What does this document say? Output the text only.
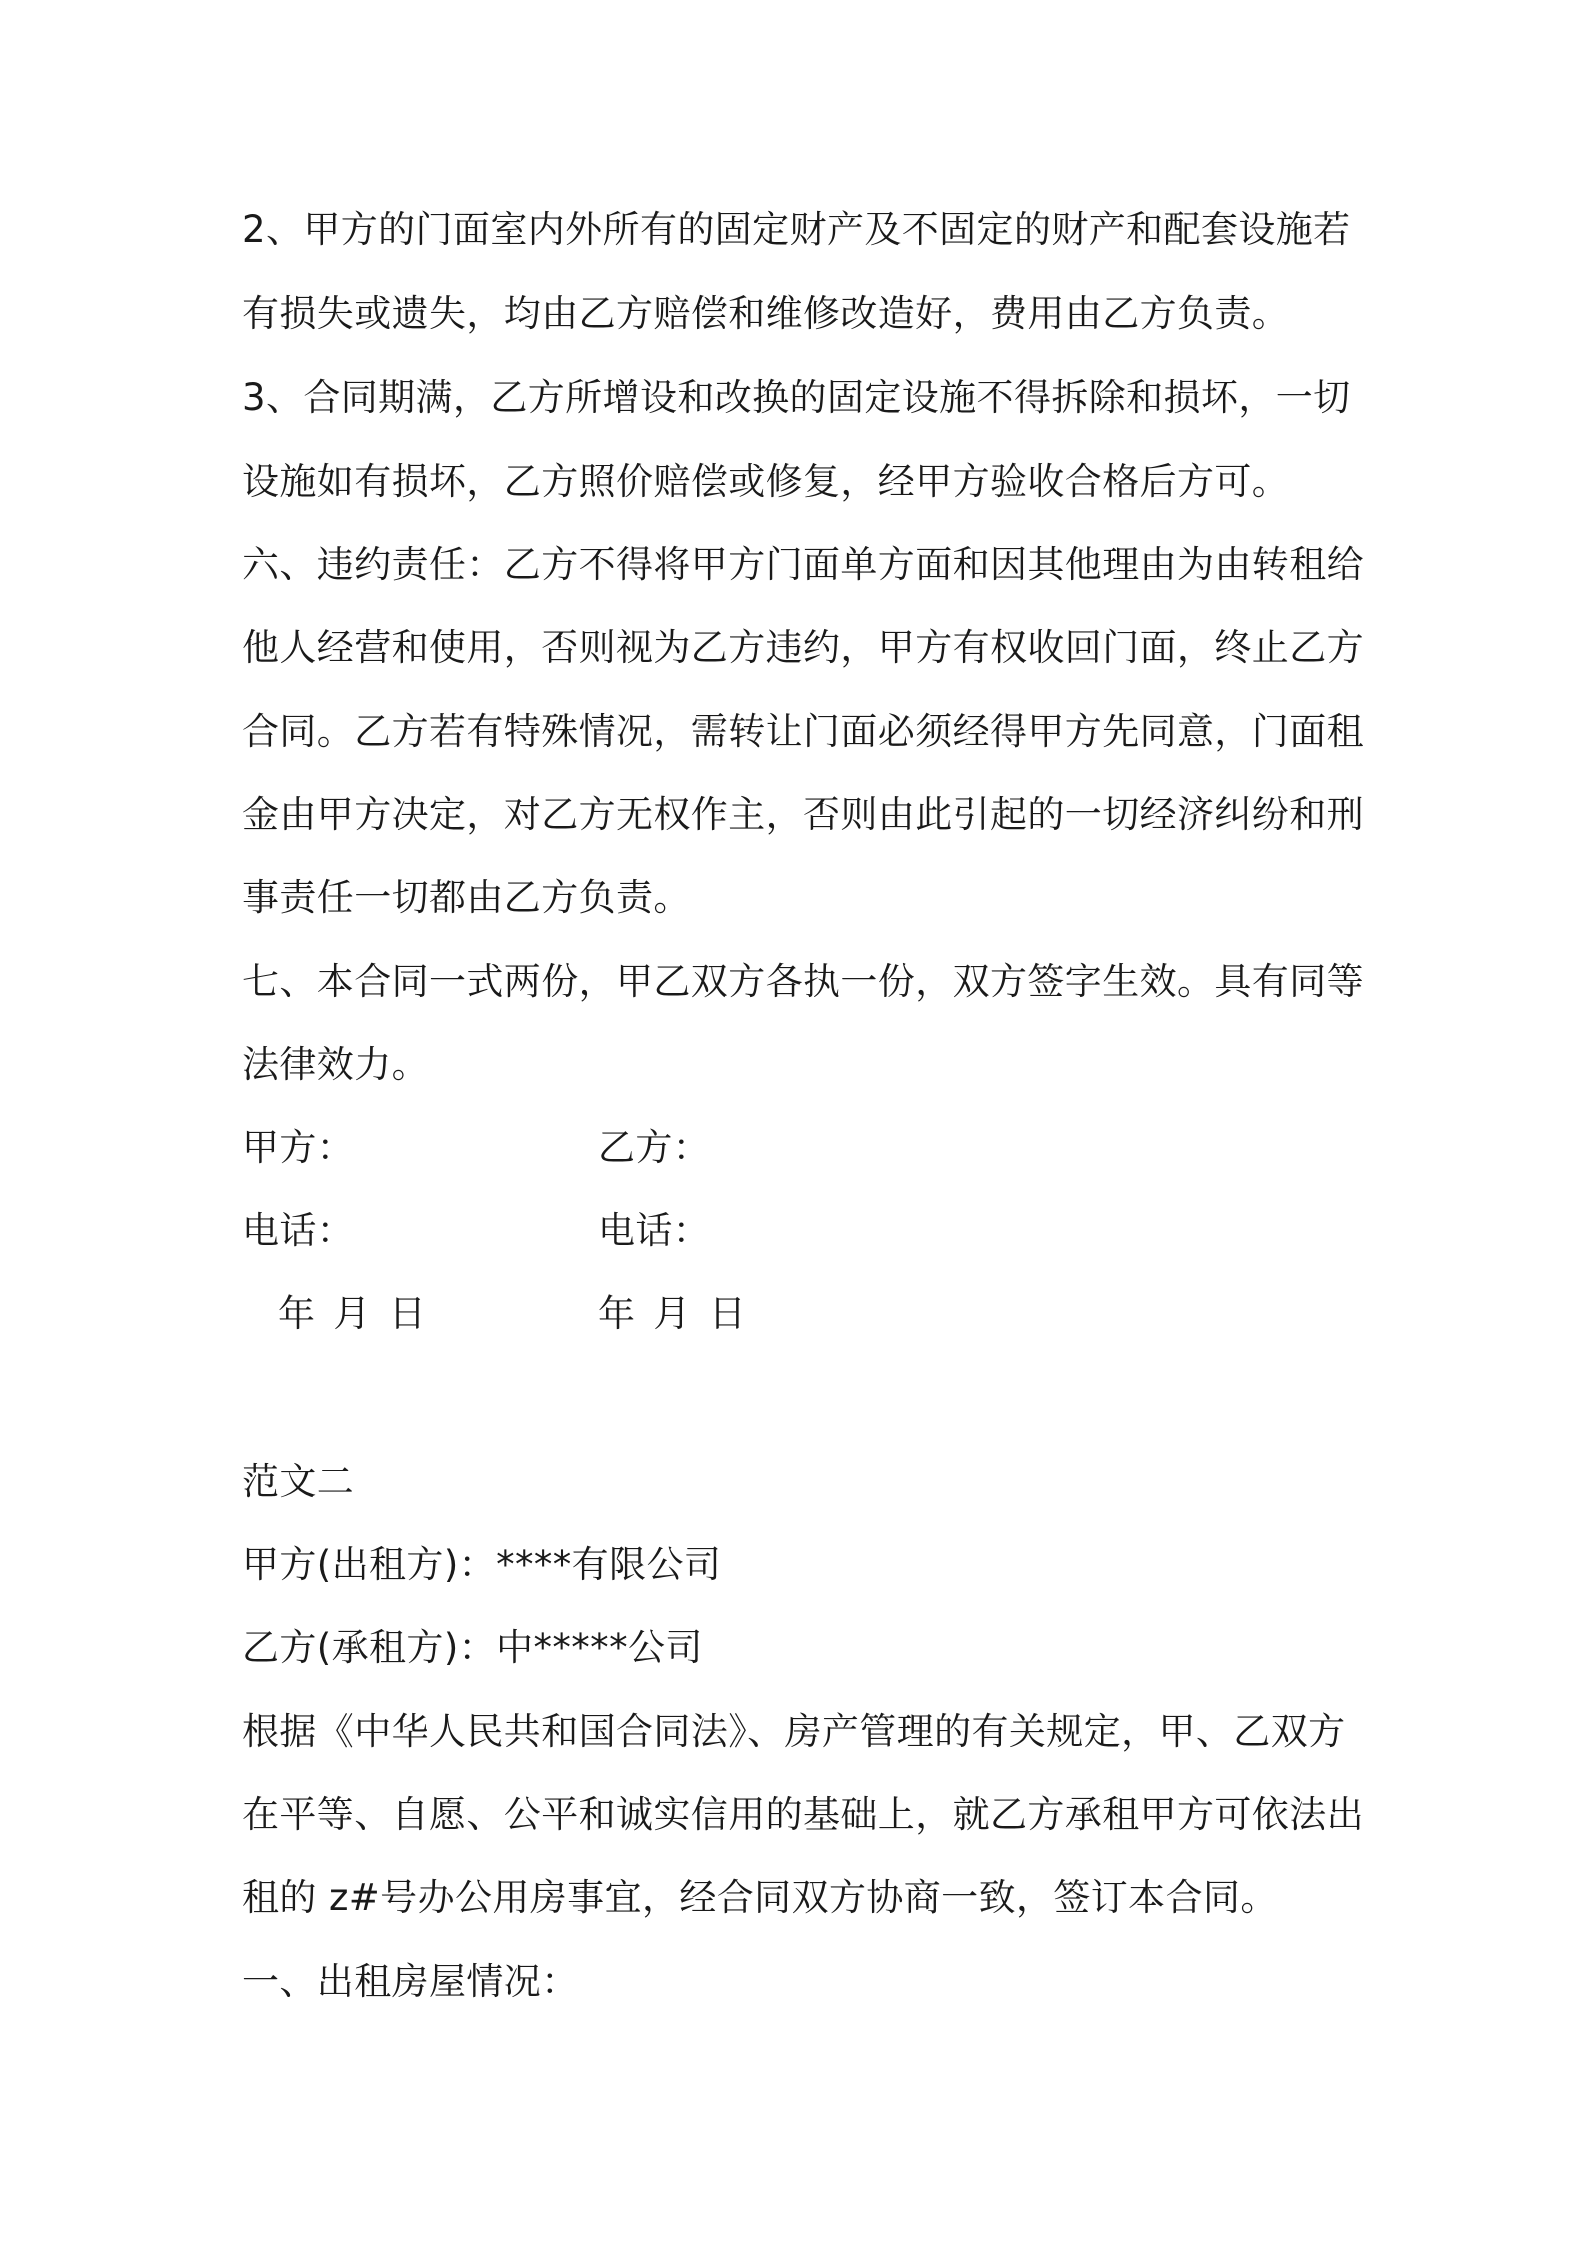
2、甲方的门面室内外所有的固定财产及不固定的财产和配套设施若
有损失或遗失，均由乙方赔偿和维修改造好，费用由乙方负责。
3、合同期满，乙方所增设和改换的固定设施不得拆除和损坏，一切
设施如有损坏，乙方照价赔偿或修复，经甲方验收合格后方可。
六、违约责任：乙方不得将甲方门面单方面和因其他理由为由转租给
他人经营和使用，否则视为乙方违约，甲方有权收回门面，终止乙方
合同。乙方若有特殊情况，需转让门面必须经得甲方先同意，门面租
金由甲方决定，对乙方无权作主，否则由此引起的一切经济纠纷和刑
事责任一切都由乙方负责。
七、本合同一式两份，甲乙双方各执一份，双方签字生效。具有同等
法律效力。
甲方：	乙方：
电话：	电话：
年 月 日	年 月 日
范文二
甲方(出租方)：****有限公司
乙方(承租方)：中*****公司
根据《中华人民共和国合同法》、房产管理的有关规定，甲、乙双方
在平等、自愿、公平和诚实信用的基础上，就乙方承租甲方可依法出
租的 z#号办公用房事宜，经合同双方协商一致，签订本合同。
一、出租房屋情况：
